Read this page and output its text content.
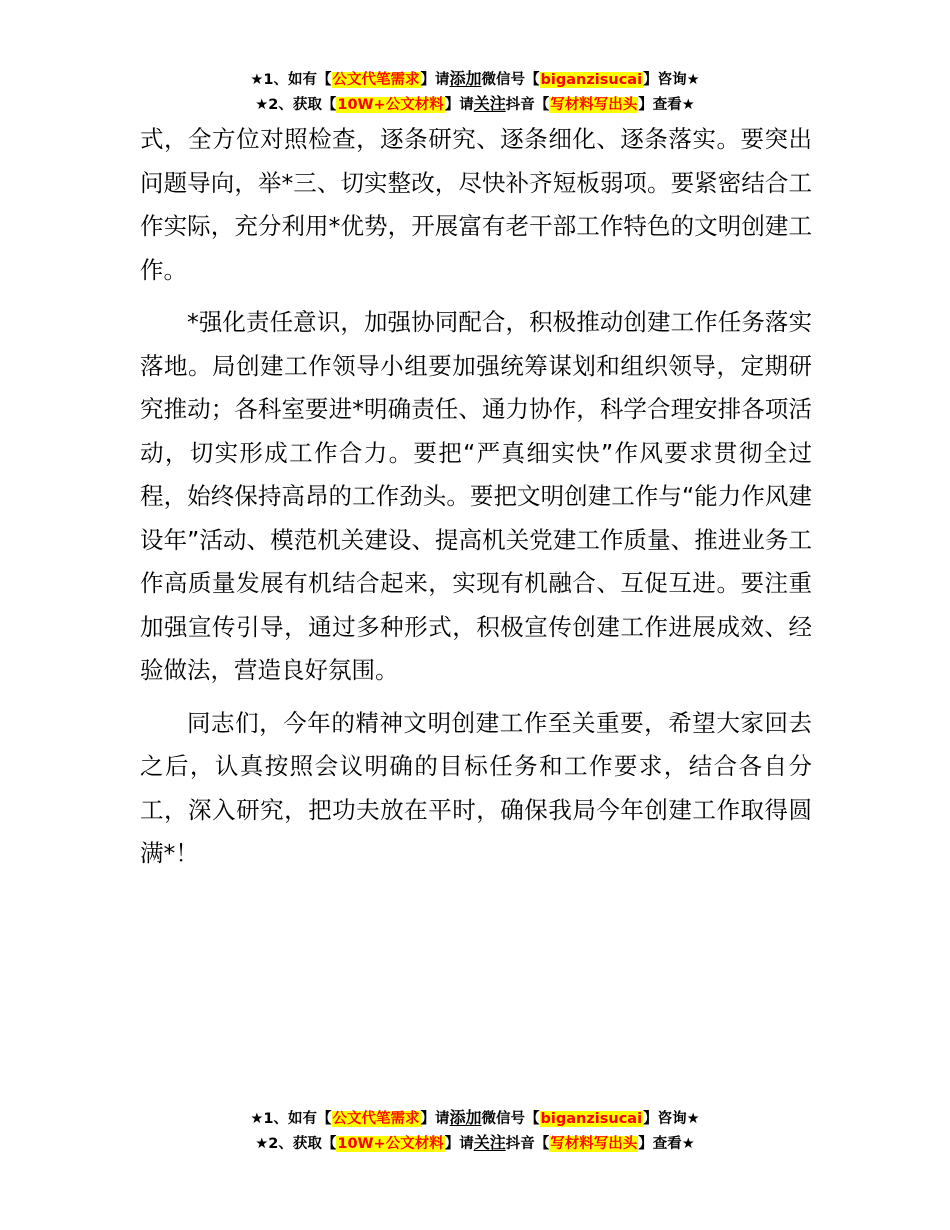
★1、如有【公文代笔需求】请添加微信号【biganzisucai】咨询★
★2、获取【10W+公文材料】请关注抖音【写材料写出头】查看★

式，全方位对照检查，逐条研究、逐条细化、逐条落实。要突出问题导向，举*三、切实整改，尽快补齐短板弱项。要紧密结合工作实际，充分利用*优势，开展富有老干部工作特色的文明创建工作。

*强化责任意识，加强协同配合，积极推动创建工作任务落实落地。局创建工作领导小组要加强统筹谋划和组织领导，定期研究推动；各科室要进*明确责任、通力协作，科学合理安排各项活动，切实形成工作合力。要把“严真细实快”作风要求贯彻全过程，始终保持高昂的工作劲头。要把文明创建工作与“能力作风建设年”活动、模范机关建设、提高机关党建工作质量、推进业务工作高质量发展有机结合起来，实现有机融合、互促互进。要注重加强宣传引导，通过多种形式，积极宣传创建工作进展成效、经验做法，营造良好氛围。

同志们，今年的精神文明创建工作至关重要，希望大家回去之后，认真按照会议明确的目标任务和工作要求，结合各自分工，深入研究，把功夫放在平时，确保我局今年创建工作取得圆满*！

★1、如有【公文代笔需求】请添加微信号【biganzisucai】咨询★
★2、获取【10W+公文材料】请关注抖音【写材料写出头】查看★
